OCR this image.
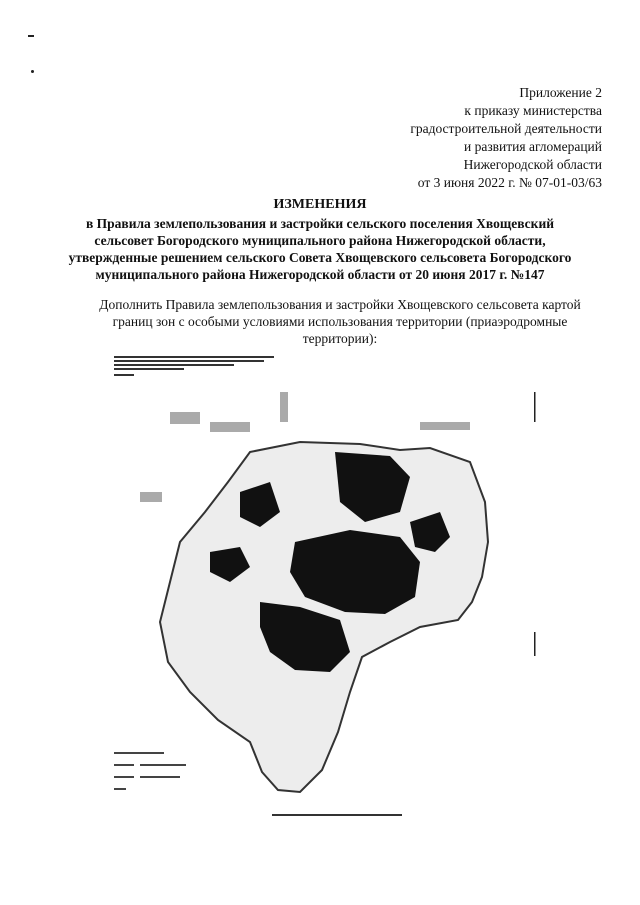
Приложение 2
к приказу министерства
градостроительной деятельности
и развития агломераций
Нижегородской области
от 3 июня 2022 г. № 07-01-03/63
ИЗМЕНЕНИЯ
в Правила землепользования и застройки сельского поселения Хвощевский
сельсовет Богородского муниципального района Нижегородской области,
утвержденные решением сельского Совета Хвощевского сельсовета Богородского
муниципального района Нижегородской области от 20 июня 2017 г. №147
Дополнить Правила землепользования и застройки Хвощевского сельсовета картой
границ зон с особыми условиями использования территории (приаэродромные
территории):
